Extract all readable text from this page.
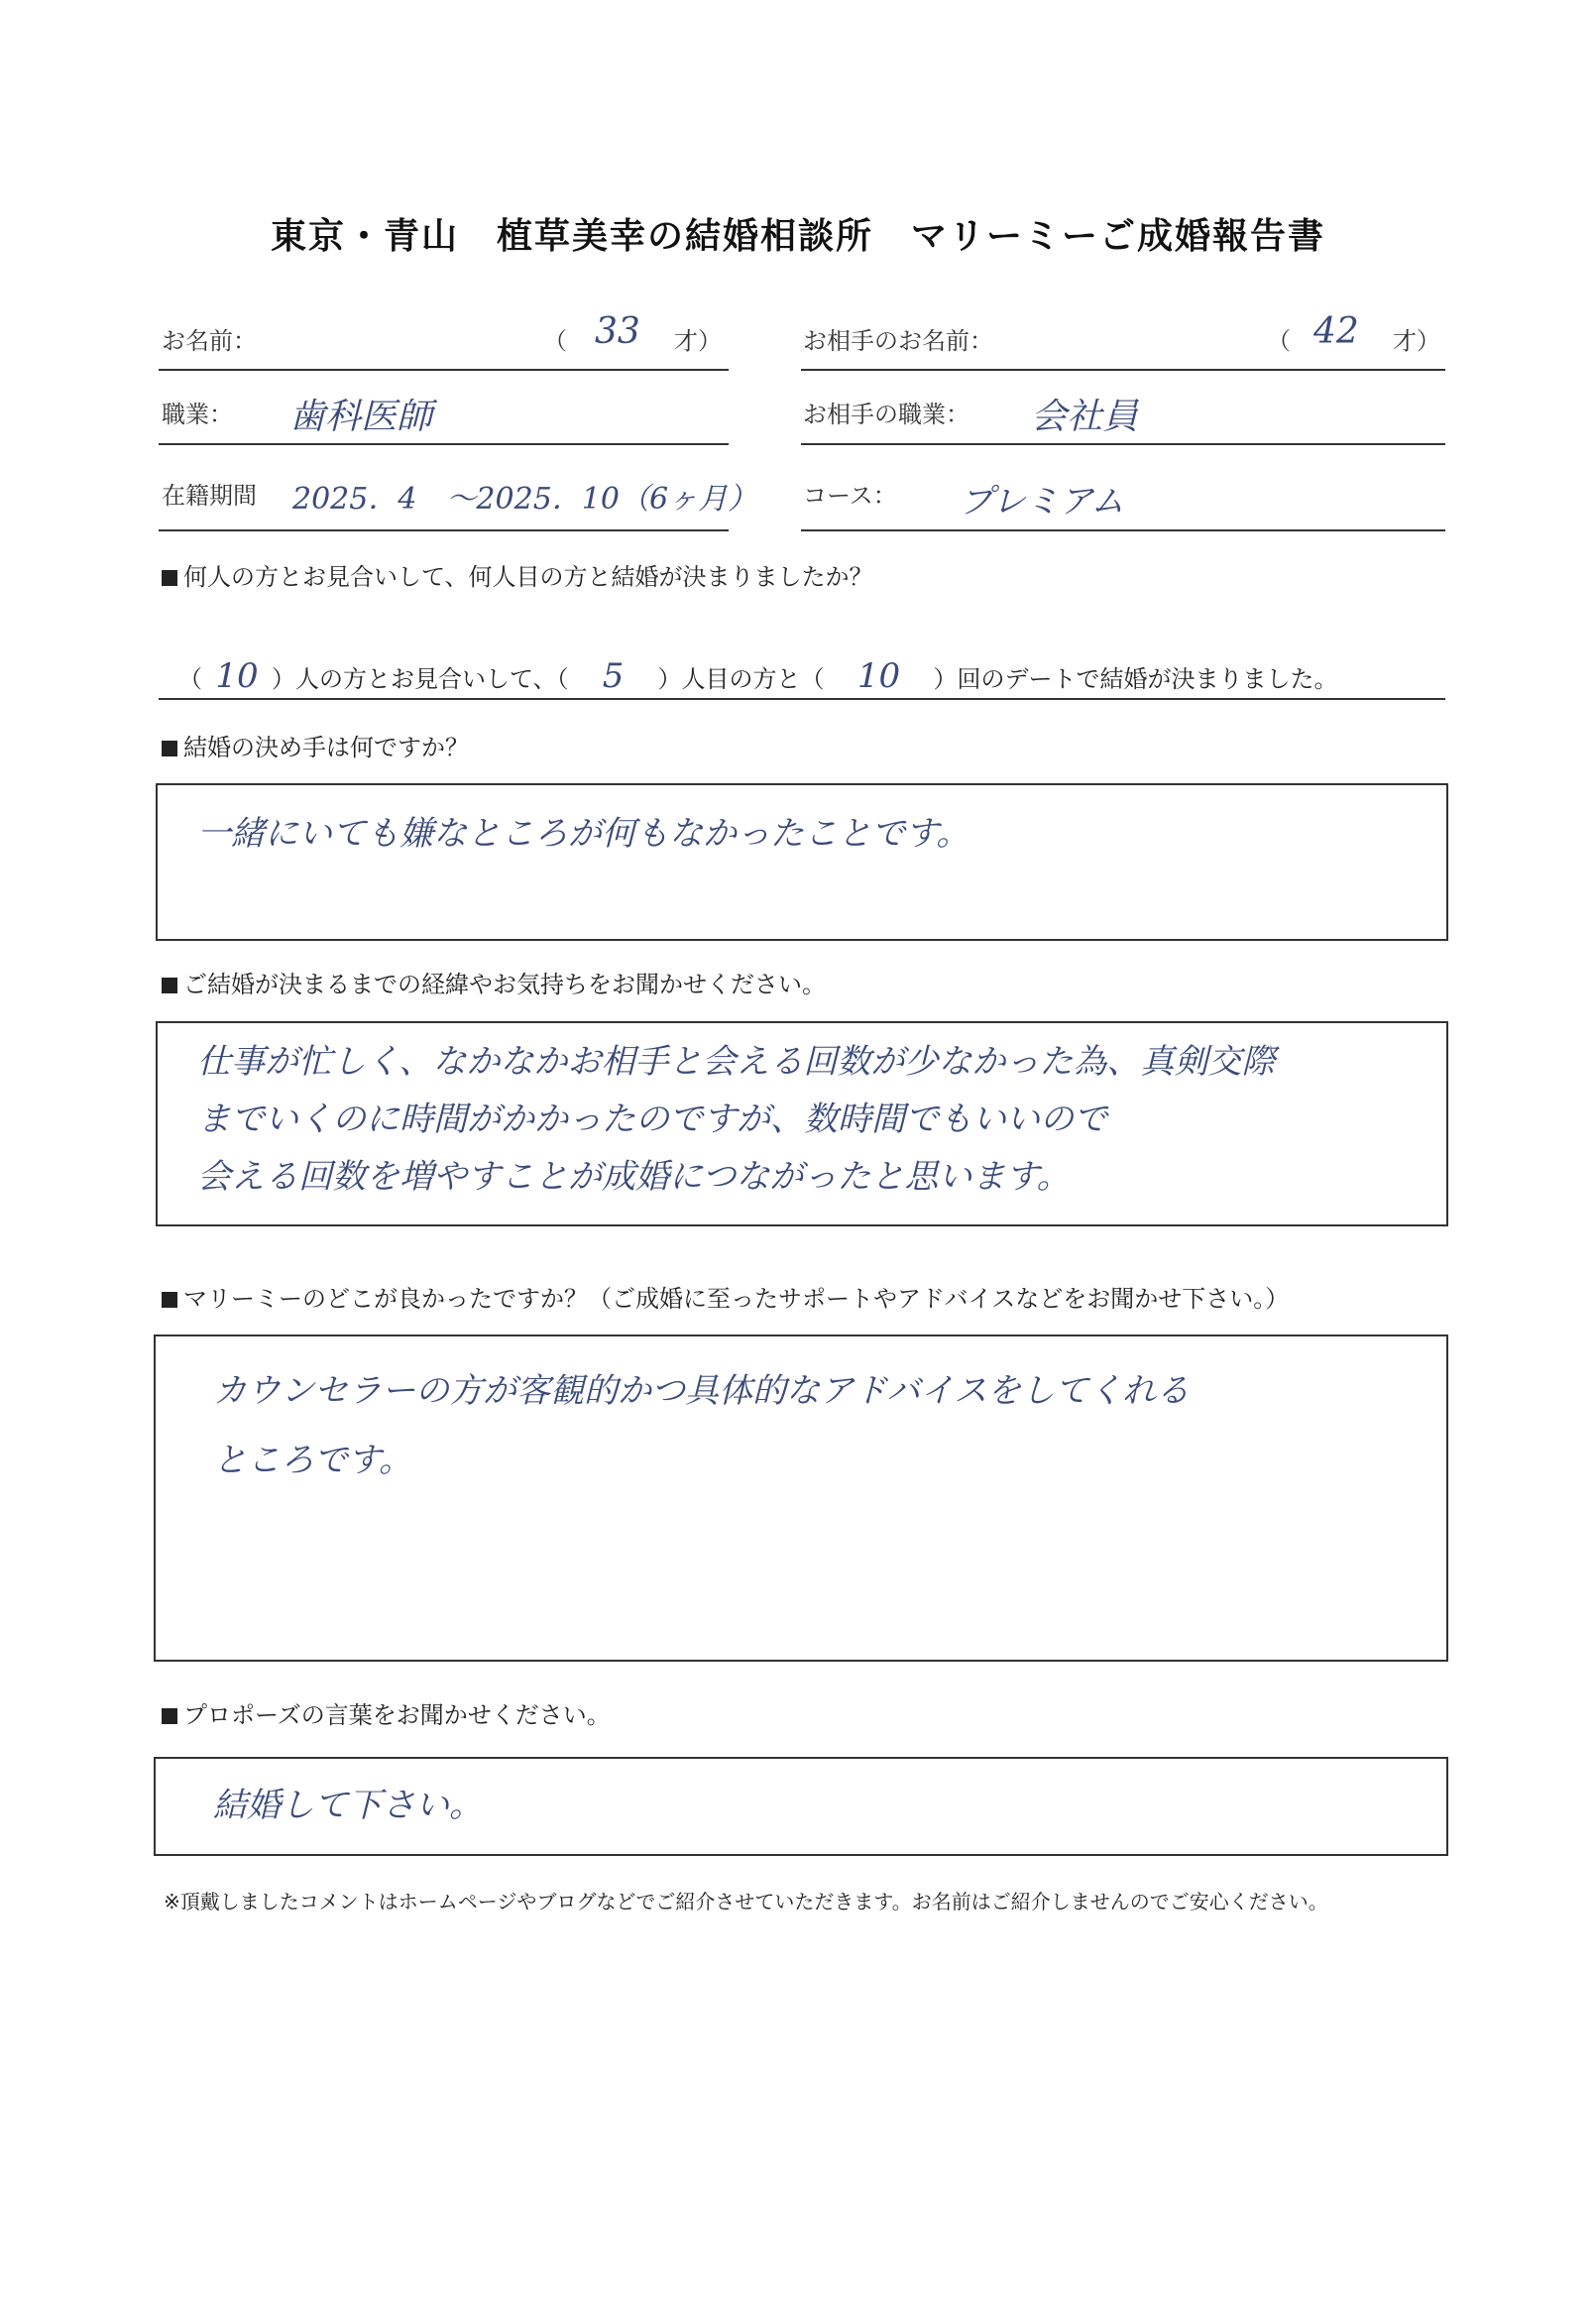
東京・青山　植草美幸の結婚相談所　マリーミーご成婚報告書
お名前：	（ 33 才）	お相手のお名前：	（ 42 才）
職業： 歯科医師	お相手の職業： 会社員
在籍期間 2025．4　～2025．10（6ヶ月） コース： プレミアム
何人の方とお見合いして、何人目の方と結婚が決まりましたか？
（ 10 ）人の方とお見合いして、（ 5 ）人目の方と（ 10 ）回のデートで結婚が決まりました。
結婚の決め手は何ですか？
一緒にいても嫌なところが何もなかったことです。
ご結婚が決まるまでの経緯やお気持ちをお聞かせください。
仕事が忙しく、なかなかお相手と会える回数が少なかった為、真剣交際
までいくのに時間がかかったのですが、数時間でもいいので
会える回数を増やすことが成婚につながったと思います。
マリーミーのどこが良かったですか？（ご成婚に至ったサポートやアドバイスなどをお聞かせ下さい。）
カウンセラーの方が客観的かつ具体的なアドバイスをしてくれる
ところです。
プロポーズの言葉をお聞かせください。
結婚して下さい。
※頂戴しましたコメントはホームページやブログなどでご紹介させていただきます。お名前はご紹介しませんのでご安心ください。
